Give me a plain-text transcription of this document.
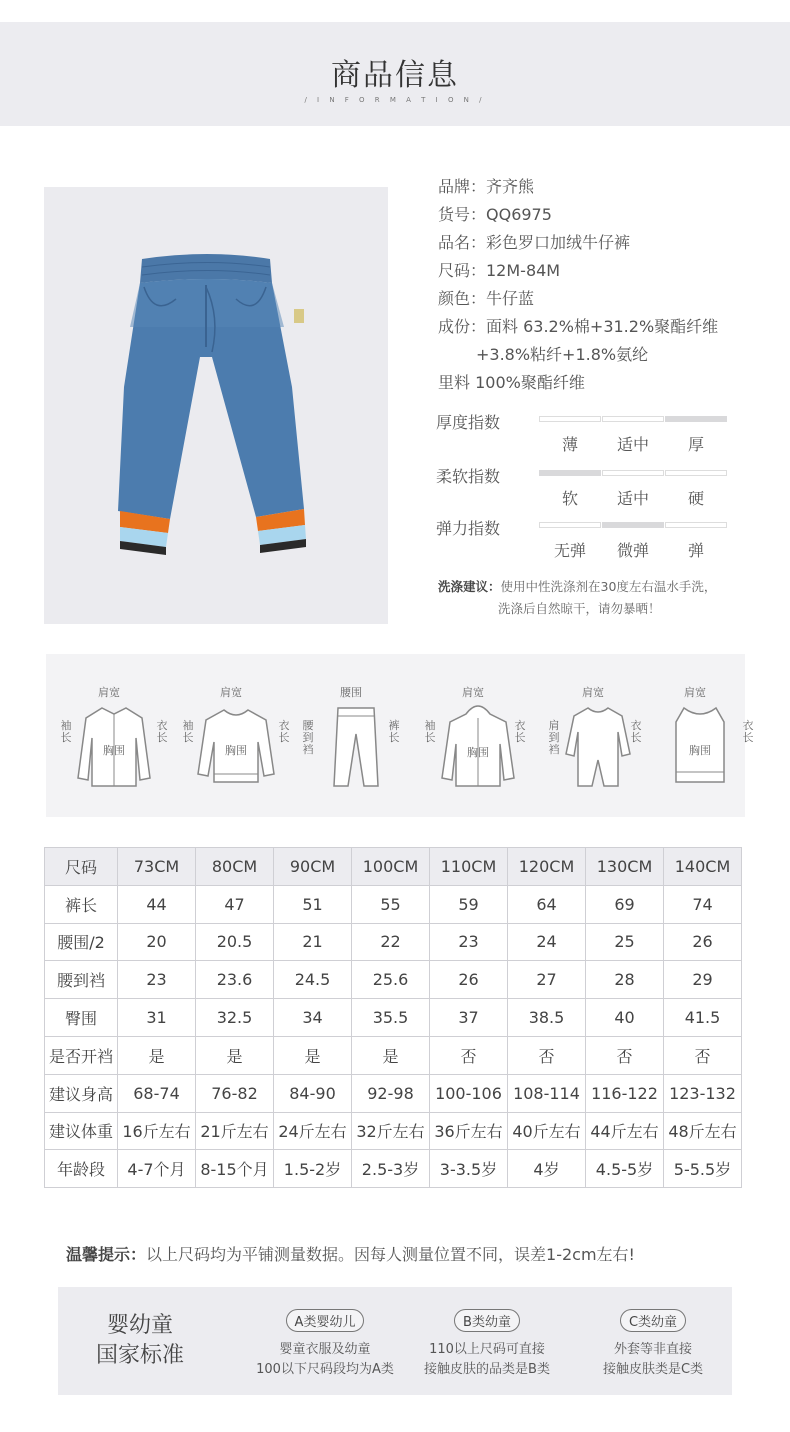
商品信息
/ I N F O R M A T I O N /
品牌：齐齐熊
货号：QQ6975
品名：彩色罗口加绒牛仔裤
尺码：12M-84M
颜色：牛仔蓝
成份：面料 63.2%棉+31.2%聚酯纤维
+3.8%粘纤+1.8%氨纶
里料 100%聚酯纤维
厚度指数
薄	适中	厚
柔软指数
软	适中	硬
弹力指数
无弹	微弹	弹
洗涤建议：使用中性洗涤剂在30度左右温水手洗，
洗涤后自然晾干，请勿暴晒！
肩宽
袖
长
衣
长
胸围
肩宽
袖
长
衣
长
胸围
腰围
腰
到
裆
裤
长
肩宽
袖
长
衣
长
胸围
肩宽
肩
到
裆
衣
长
肩宽
衣
长
胸围
尺码	73CM	80CM	90CM	100CM	110CM	120CM	130CM	140CM
裤长	44	47	51	55	59	64	69	74
腰围/2	20	20.5	21	22	23	24	25	26
腰到裆	23	23.6	24.5	25.6	26	27	28	29
臀围	31	32.5	34	35.5	37	38.5	40	41.5
是否开裆	是	是	是	是	否	否	否	否
建议身高	68-74	76-82	84-90	92-98	100-106	108-114	116-122	123-132
建议体重	16斤左右	21斤左右	24斤左右	32斤左右	36斤左右	40斤左右	44斤左右	48斤左右
年龄段	4-7个月	8-15个月	1.5-2岁	2.5-3岁	3-3.5岁	4岁	4.5-5岁	5-5.5岁
温馨提示：以上尺码均为平铺测量数据。因每人测量位置不同，误差1-2cm左右!
婴幼童
国家标准
A类婴幼儿
婴童衣服及幼童
100以下尺码段均为A类
B类幼童
110以上尺码可直接
接触皮肤的品类是B类
C类幼童
外套等非直接
接触皮肤类是C类
